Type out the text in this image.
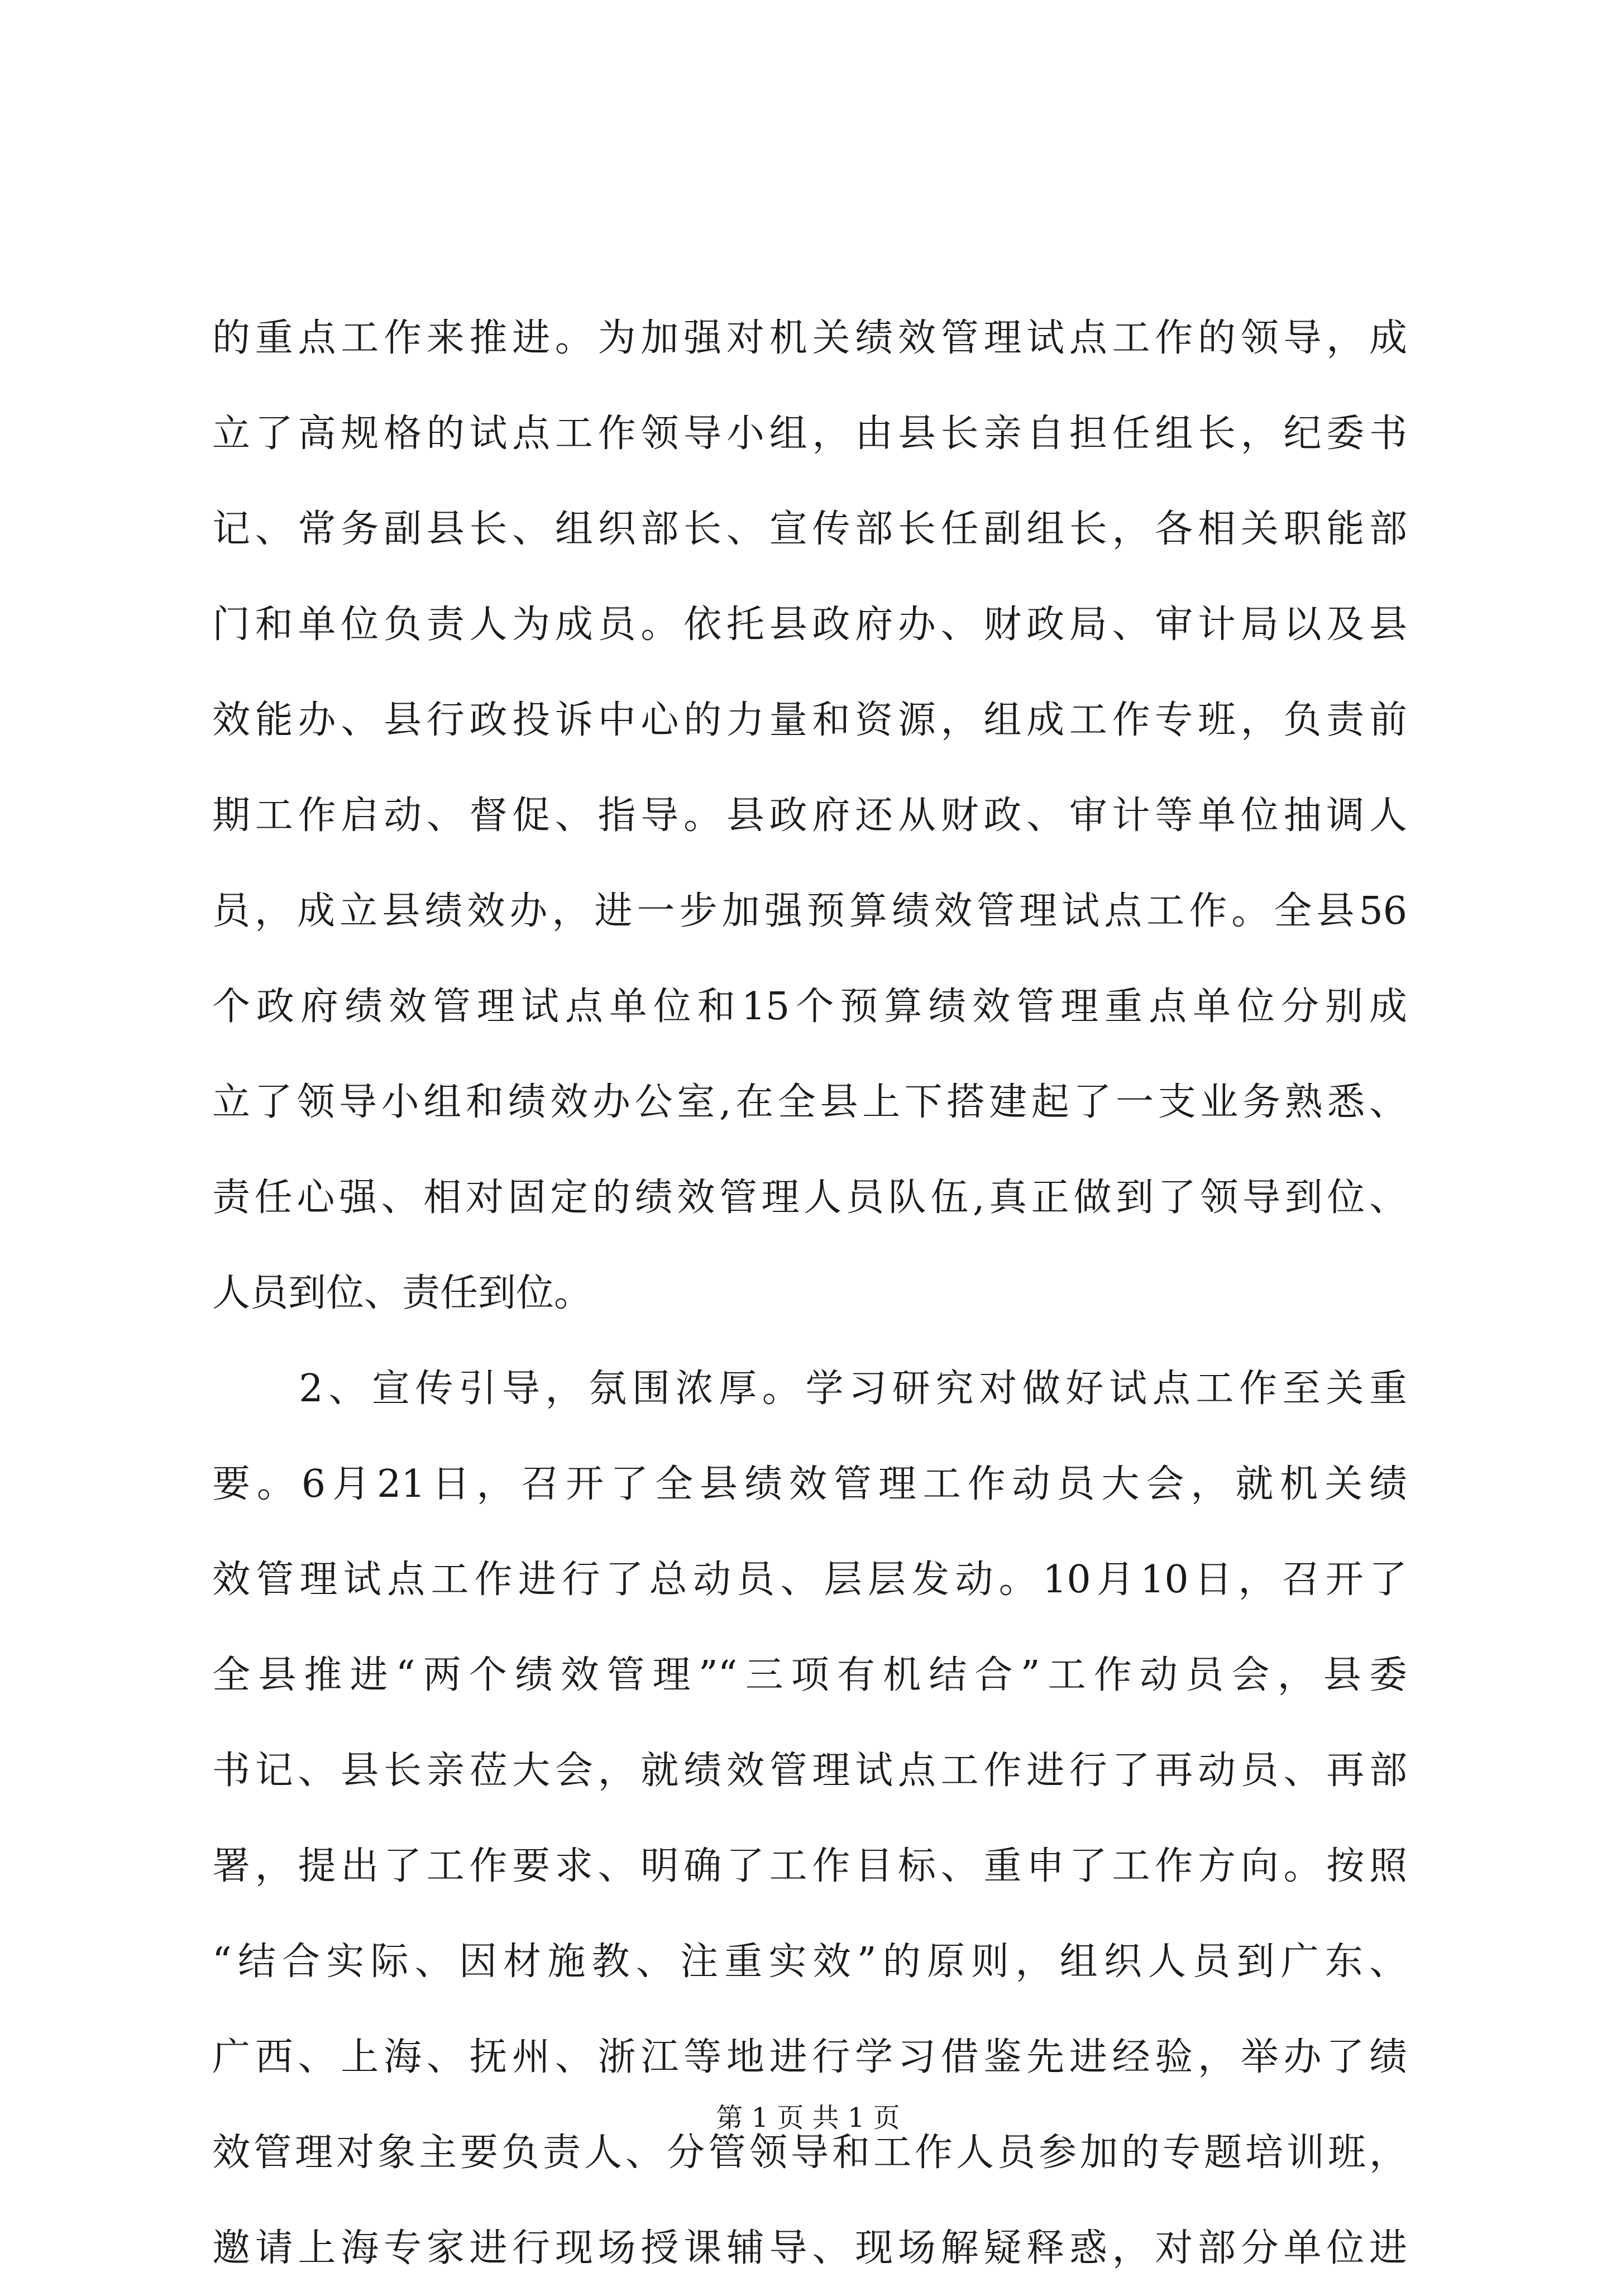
的重点工作来推进。为加强对机关绩效管理试点工作的领导，成
立了高规格的试点工作领导小组，由县长亲自担任组长，纪委书
记、常务副县长、组织部长、宣传部长任副组长，各相关职能部
门和单位负责人为成员。依托县政府办、财政局、审计局以及县
效能办、县行政投诉中心的力量和资源，组成工作专班，负责前
期工作启动、督促、指导。县政府还从财政、审计等单位抽调人
员，成立县绩效办，进一步加强预算绩效管理试点工作。全县56
个政府绩效管理试点单位和15个预算绩效管理重点单位分别成
立了领导小组和绩效办公室,在全县上下搭建起了一支业务熟悉、
责任心强、相对固定的绩效管理人员队伍,真正做到了领导到位、
人员到位、责任到位。
　　2、宣传引导，氛围浓厚。学习研究对做好试点工作至关重
要。6月21日，召开了全县绩效管理工作动员大会，就机关绩
效管理试点工作进行了总动员、层层发动。10月10日，召开了
全县推进“两个绩效管理”“三项有机结合”工作动员会，县委
书记、县长亲莅大会，就绩效管理试点工作进行了再动员、再部
署，提出了工作要求、明确了工作目标、重申了工作方向。按照
“结合实际、因材施教、注重实效”的原则，组织人员到广东、
广西、上海、抚州、浙江等地进行学习借鉴先进经验，举办了绩
效管理对象主要负责人、分管领导和工作人员参加的专题培训班，
邀请上海专家进行现场授课辅导、现场解疑释惑，对部分单位进
第 1 页 共 1 页
